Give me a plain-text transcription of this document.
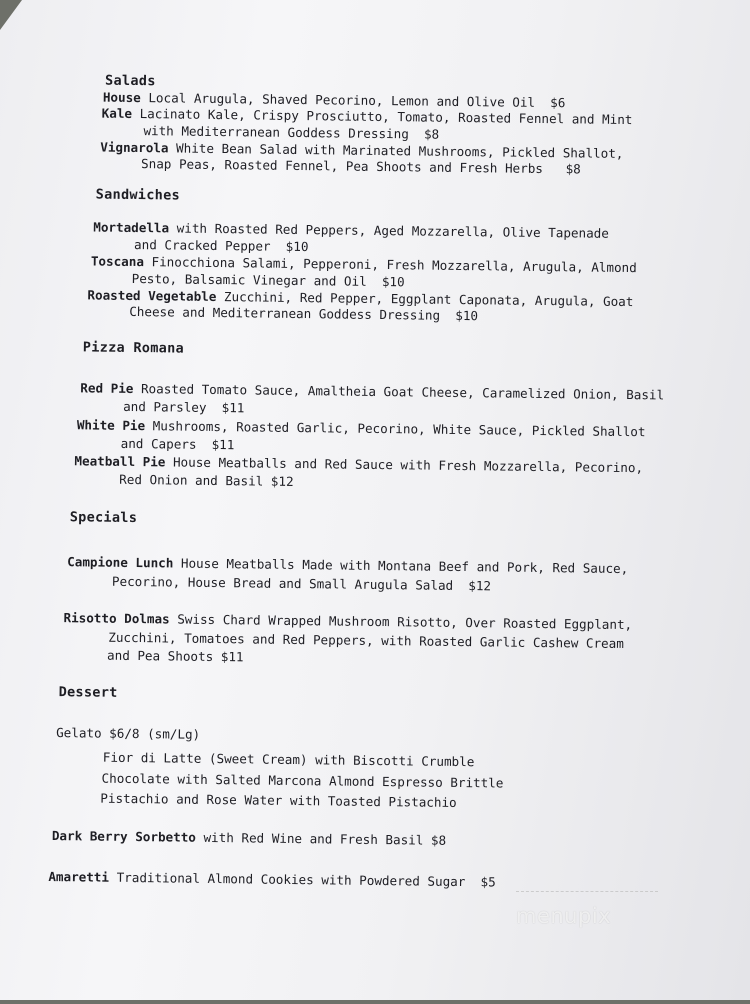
Salads
House Local Arugula, Shaved Pecorino, Lemon and Olive Oil  $6
Kale Lacinato Kale, Crispy Prosciutto, Tomato, Roasted Fennel and Mint
with Mediterranean Goddess Dressing  $8
Vignarola White Bean Salad with Marinated Mushrooms, Pickled Shallot,
Snap Peas, Roasted Fennel, Pea Shoots and Fresh Herbs   $8
Sandwiches
Mortadella with Roasted Red Peppers, Aged Mozzarella, Olive Tapenade
and Cracked Pepper  $10
Toscana Finocchiona Salami, Pepperoni, Fresh Mozzarella, Arugula, Almond
Pesto, Balsamic Vinegar and Oil  $10
Roasted Vegetable Zucchini, Red Pepper, Eggplant Caponata, Arugula, Goat
Cheese and Mediterranean Goddess Dressing  $10
Pizza Romana
Red Pie Roasted Tomato Sauce, Amaltheia Goat Cheese, Caramelized Onion, Basil
and Parsley  $11
White Pie Mushrooms, Roasted Garlic, Pecorino, White Sauce, Pickled Shallot
and Capers  $11
Meatball Pie House Meatballs and Red Sauce with Fresh Mozzarella, Pecorino,
Red Onion and Basil $12
Specials
Campione Lunch House Meatballs Made with Montana Beef and Pork, Red Sauce,
Pecorino, House Bread and Small Arugula Salad  $12
Risotto Dolmas Swiss Chard Wrapped Mushroom Risotto, Over Roasted Eggplant,
Zucchini, Tomatoes and Red Peppers, with Roasted Garlic Cashew Cream
and Pea Shoots $11
Dessert
Gelato $6/8 (sm/Lg)
Fior di Latte (Sweet Cream) with Biscotti Crumble
Chocolate with Salted Marcona Almond Espresso Brittle
Pistachio and Rose Water with Toasted Pistachio
Dark Berry Sorbetto with Red Wine and Fresh Basil $8
Amaretti Traditional Almond Cookies with Powdered Sugar  $5
menupix
